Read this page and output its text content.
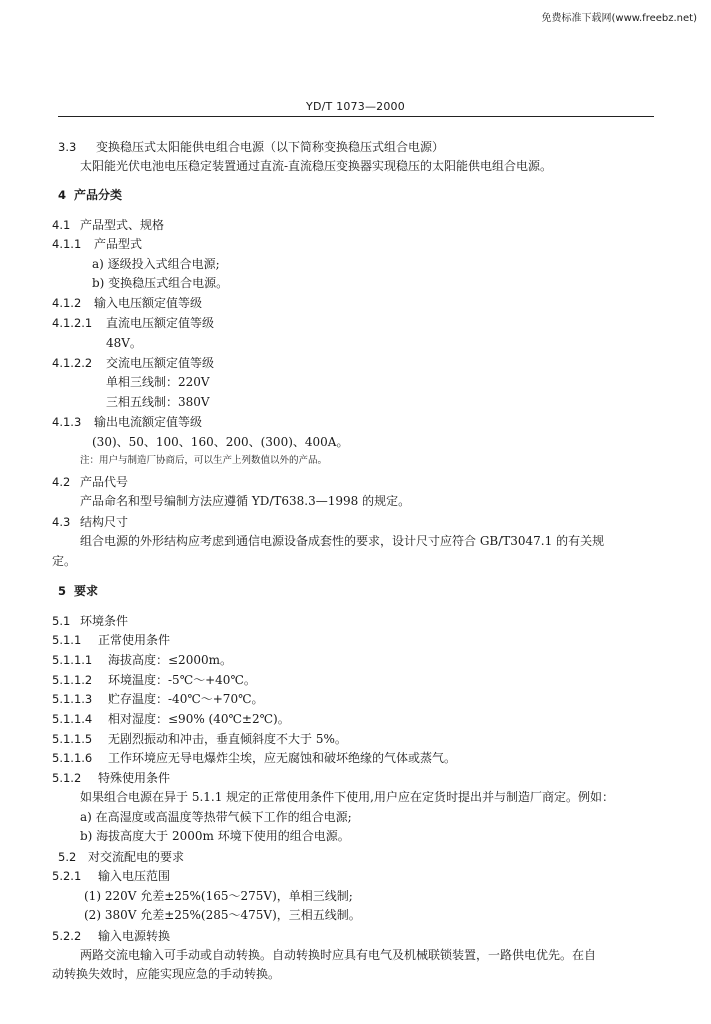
免费标准下载网(www.freebz.net)
YD/T 1073—2000
3.3 变换稳压式太阳能供电组合电源（以下简称变换稳压式组合电源）
太阳能光伏电池电压稳定装置通过直流-直流稳压变换器实现稳压的太阳能供电组合电源。
4 产品分类
4.1 产品型式、规格
4.1.1 产品型式
a) 逐级投入式组合电源;
b) 变换稳压式组合电源。
4.1.2 输入电压额定值等级
4.1.2.1 直流电压额定值等级
48V。
4.1.2.2 交流电压额定值等级
单相三线制：220V
三相五线制：380V
4.1.3 输出电流额定值等级
(30)、50、100、160、200、(300)、400A。
注：用户与制造厂协商后，可以生产上列数值以外的产品。
4.2 产品代号
产品命名和型号编制方法应遵循 YD/T638.3—1998 的规定。
4.3 结构尺寸
组合电源的外形结构应考虑到通信电源设备成套性的要求，设计尺寸应符合 GB/T3047.1 的有关规
定。
5 要求
5.1 环境条件
5.1.1 正常使用条件
5.1.1.1 海拔高度：≤2000m。
5.1.1.2 环境温度：-5℃～+40℃。
5.1.1.3 贮存温度：-40℃～+70℃。
5.1.1.4 相对湿度：≤90% (40℃±2℃)。
5.1.1.5 无剧烈振动和冲击，垂直倾斜度不大于 5%。
5.1.1.6 工作环境应无导电爆炸尘埃，应无腐蚀和破坏绝缘的气体或蒸气。
5.1.2 特殊使用条件
如果组合电源在异于 5.1.1 规定的正常使用条件下使用,用户应在定货时提出并与制造厂商定。例如：
a) 在高湿度或高温度等热带气候下工作的组合电源;
b) 海拔高度大于 2000m 环境下使用的组合电源。
5.2 对交流配电的要求
5.2.1 输入电压范围
(1) 220V 允差±25%(165～275V)，单相三线制;
(2) 380V 允差±25%(285～475V)，三相五线制。
5.2.2 输入电源转换
两路交流电输入可手动或自动转换。自动转换时应具有电气及机械联锁装置，一路供电优先。在自
动转换失效时，应能实现应急的手动转换。
